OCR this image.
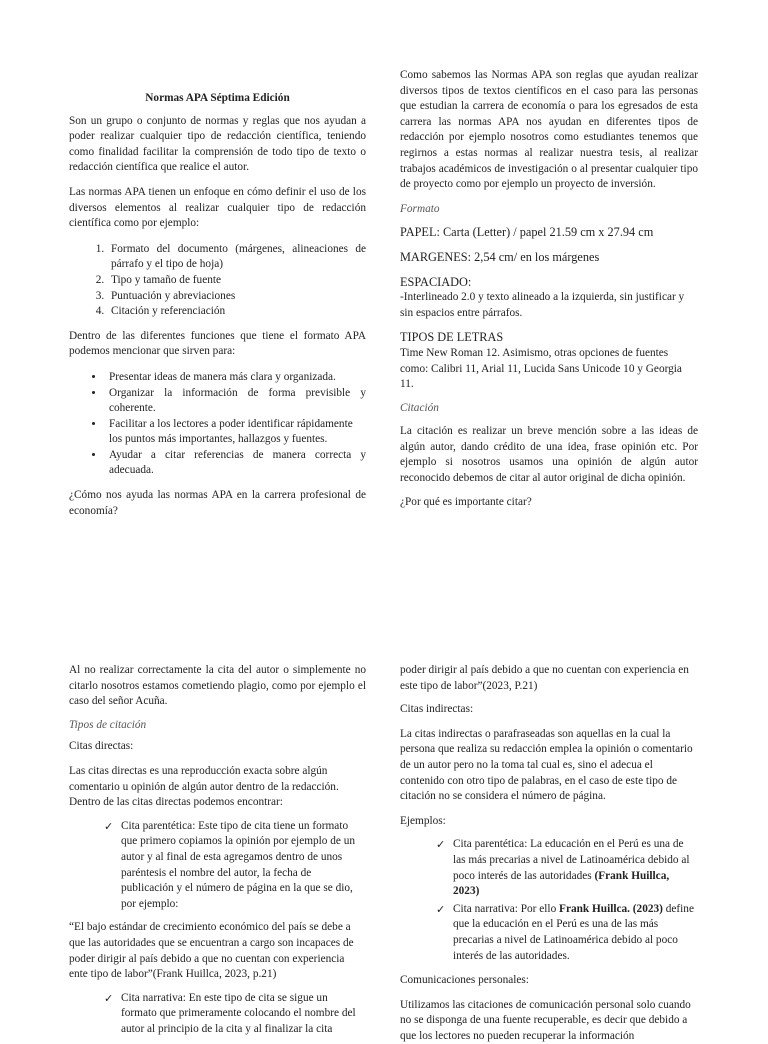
Normas APA Séptima Edición

Son un grupo o conjunto de normas y reglas que nos ayudan a poder realizar cualquier tipo de redacción científica, teniendo como finalidad facilitar la comprensión de todo tipo de texto o redacción científica que realice el autor.

Las normas APA tienen un enfoque en cómo definir el uso de los diversos elementos al realizar cualquier tipo de redacción científica como por ejemplo:

1. Formato del documento (márgenes, alineaciones de párrafo y el tipo de hoja)
2. Tipo y tamaño de fuente
3. Puntuación y abreviaciones
4. Citación y referenciación

Dentro de las diferentes funciones que tiene el formato APA podemos mencionar que sirven para:

• Presentar ideas de manera más clara y organizada.
• Organizar la información de forma previsible y coherente.
• Facilitar a los lectores a poder identificar rápidamente los puntos más importantes, hallazgos y fuentes.
• Ayudar a citar referencias de manera correcta y adecuada.

¿Cómo nos ayuda las normas APA en la carrera profesional de economía?

Como sabemos las Normas APA son reglas que ayudan realizar diversos tipos de textos científicos en el caso para las personas que estudian la carrera de economía o para los egresados de esta carrera las normas APA nos ayudan en diferentes tipos de redacción por ejemplo nosotros como estudiantes tenemos que regirnos a estas normas al realizar nuestra tesis, al realizar trabajos académicos de investigación o al presentar cualquier tipo de proyecto como por ejemplo un proyecto de inversión.

Formato

PAPEL: Carta (Letter) / papel 21.59 cm x 27.94 cm

MARGENES: 2,54 cm/ en los márgenes

ESPACIADO:

-Interlineado 2.0 y texto alineado a la izquierda, sin justificar y sin espacios entre párrafos.

TIPOS DE LETRAS

Time New Roman 12. Asimismo, otras opciones de fuentes como: Calibri 11, Arial 11, Lucida Sans Unicode 10 y Georgia 11.

Citación

La citación es realizar un breve mención sobre a las ideas de algún autor, dando crédito de una idea, frase opinión etc. Por ejemplo si nosotros usamos una opinión de algún autor reconocido debemos de citar al autor original de dicha opinión.

¿Por qué es importante citar?

Al no realizar correctamente la cita del autor o simplemente no citarlo nosotros estamos cometiendo plagio, como por ejemplo el caso del señor Acuña.

Tipos de citación

Citas directas:

Las citas directas es una reproducción exacta sobre algún comentario u opinión de algún autor dentro de la redacción. Dentro de las citas directas podemos encontrar:

✓ Cita parentética: Este tipo de cita tiene un formato que primero copiamos la opinión por ejemplo de un autor y al final de esta agregamos dentro de unos paréntesis el nombre del autor, la fecha de publicación y el número de página en la que se dio, por ejemplo:

“El bajo estándar de crecimiento económico del país se debe a que las autoridades que se encuentran a cargo son incapaces de poder dirigir al país debido a que no cuentan con experiencia ente tipo de labor”(Frank Huillca, 2023, p.21)

✓ Cita narrativa: En este tipo de cita se sigue un formato que primeramente colocando el nombre del autor al principio de la cita y al finalizar la cita

poder dirigir al país debido a que no cuentan con experiencia en este tipo de labor”(2023, P.21)

Citas indirectas:

La citas indirectas o parafraseadas son aquellas en la cual la persona que realiza su redacción emplea la opinión o comentario de un autor pero no la toma tal cual es, sino el adecua el contenido con otro tipo de palabras, en el caso de este tipo de citación no se considera el número de página.

Ejemplos:

✓ Cita parentética: La educación en el Perú es una de las más precarias a nivel de Latinoamérica debido al poco interés de las autoridades (Frank Huillca, 2023)
✓ Cita narrativa: Por ello Frank Huillca. (2023) define que la educación en el Perú es una de las más precarias a nivel de Latinoamérica debido al poco interés de las autoridades.

Comunicaciones personales:

Utilizamos las citaciones de comunicación personal solo cuando no se disponga de una fuente recuperable, es decir que debido a que los lectores no pueden recuperar la información
